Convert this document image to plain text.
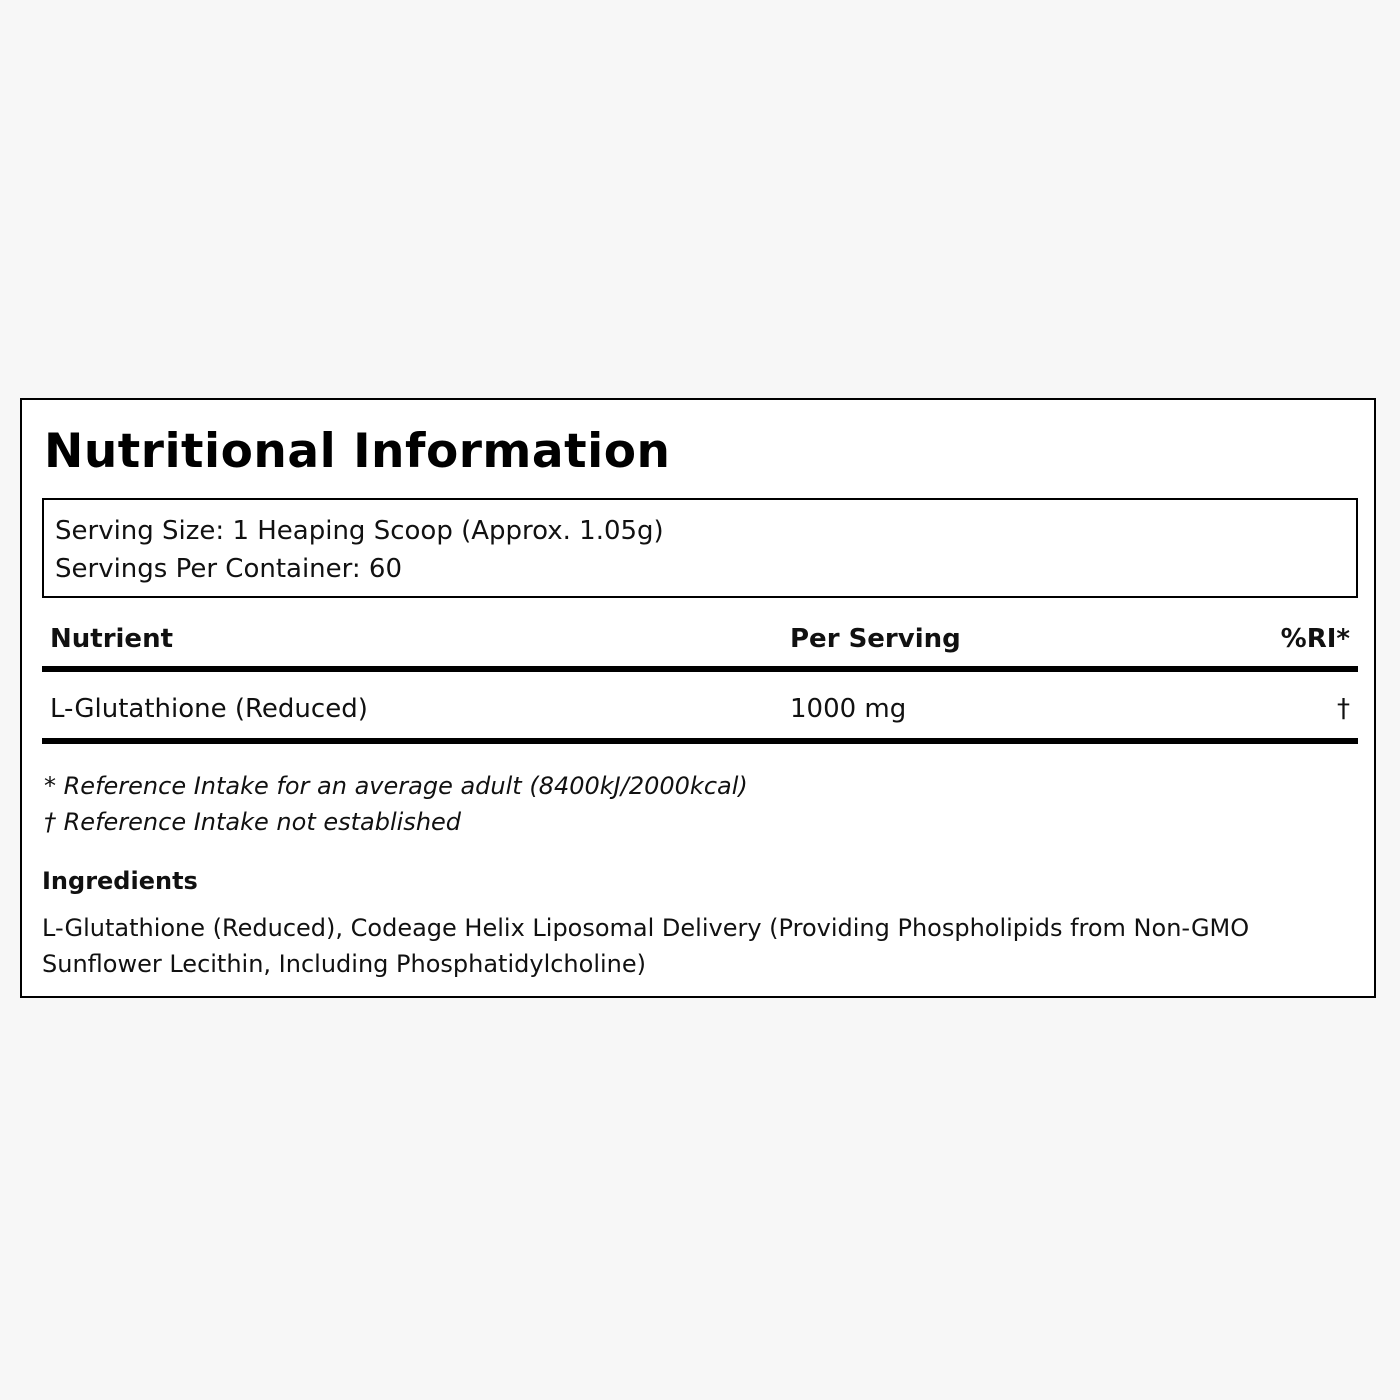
Nutritional Information
Serving Size: 1 Heaping Scoop (Approx. 1.05g)
Servings Per Container: 60
Nutrient	Per Serving	%RI*
L-Glutathione (Reduced)	1000 mg	†
* Reference Intake for an average adult (8400kJ/2000kcal)
† Reference Intake not established
Ingredients

L-Glutathione (Reduced), Codeage Helix Liposomal Delivery (Providing Phospholipids from Non-GMO Sunflower Lecithin, Including Phosphatidylcholine)
